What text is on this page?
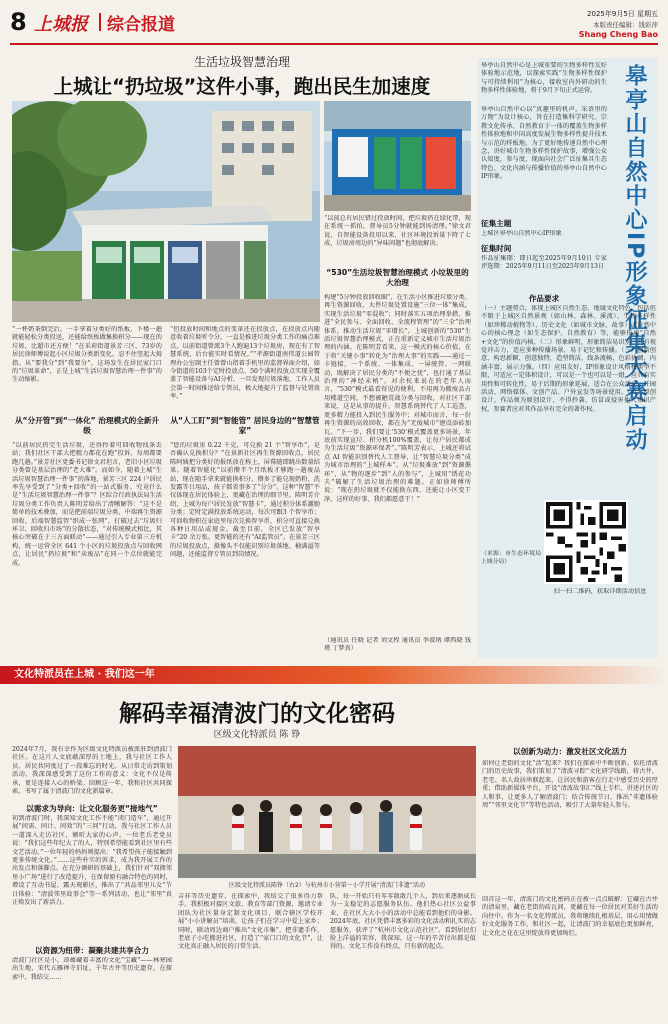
8 上城报 综合报道
2025年9月5日 星期五
本版责任编辑：钱彩萍
Shang Cheng Bao
生活垃圾智慧治理
上城让“扔垃圾”这件小事，跑出民生加速度
“一杯奶茶倒完后，一手拿着分类好的纸板，下楼一趟就能轻松分类投送，还能给纸板做集换积分——现在的垃圾，比超市还方便！”在采荷街道景芳三区，73岁的居民徐师傅说起小区垃圾分类新变化，忍不住竖起大拇指。从“要我分”到“我要分”，这场发生在居民家门口的“垃圾革命”，正是上城“生活垃圾智慧治理一件事”的生动缩影。
从“分开管”到“一体化” 治理模式的全新升级
“以前居民扔完生活垃圾，还得拎着可回收物找条丢站；我们社区干部大把精力都花在跑“投诉，每周都要跑几趟。”景芳社区党委书记徐文君坦言，老旧小区垃圾分类曾是基层治理的“老大难”。而如今，随着上城“生活垃圾智慧治理一件事”的落地，景芳三区 224 户居民率先享受到了“分类+回收”的一站式服务。究竟什么是“生活垃圾智慧治理一件事”？区综合行政执法局生活垃圾分类工作负责人陈明芳给出了清晰解答：“这不是简单的技术叠加，而是把前端垃圾分类、中端再生资源回收、后端智慧监管“织成一张网”，打破过去“垃圾归环卫、回收归市场”的分散状态，“对传统模式相比，其核心突破在于三方面联动”——通过引入专业第三方机构，统一运营全区 641 个小区的垃圾投放点与回收网点，让居民“扔垃圾”和“卖废品”在同一个点位就能完成。
“但投放时间和地点的变革还在投放点，在投放点内随意收着垃圾听令分，一直是推进垃圾分类工作的痛点难点，以前街道曾派3个人跑遍13个垃圾房，现在有了智慧系统，后台能实时看情况。”“孝源街道南伟道公园管理办公室副主任曾曾山指着手机里的监督界面介绍，如今街道的103个定时投放点、50个满时投放点实现全覆盖了智能设备与AI分析，一旦发现垃圾落地、工作人员会第一时间推送给专管员，极大地提升了监督与处置效率。”
从“人工盯”到“智能管” 居民身边的“智慧管家”
“您的垃圾重 0.22 千克，可兑换 21 个“智享币”，是否确认兑换积分？”在景新社区再生资源回收点，居民陈阿姨把分类好的报纸放在称上，屏幕随即跳出数量结果。随着智能化“以前攒半个月纸板才够跑一趟废品站，现在随手拿来就能换积分，攒多了能兑现奶粉、洗发露等日用品，孩子都省事多了“分分”。这种“智慧”不仅体现在居民体验上，更藏在治理的细节里。陈明芳介绍，上城为每户居民发放“智慧卡”，通过积分体系激励分类；定时定满投放系统运动，每次可跟3 个智享币；可回收物积在家庭里每次兑换智享币，积分可直接兑换各种日用品或现金。截至目前，全区已发放“智享卡”20 余万张。更智能的还有“AI监管员”。在景芳三区的垃圾投放点，摄像头不仅能识别垃圾落地、桶满溢等问题，还能监督专管员到岗情况。
“以前总有居民错过投放时间，把垃圾扔在绿化带，现在系统一抓拍，督导员5分钟就能到场清理。”徐文君说，自智能设备投用以来，社区环境投诉量下降了七成，垃圾房周边的“异味问题”也彻底解决。
“530”生活垃圾智慧治理模式 小垃圾里的大治理
构建“5分钟投放回收圈”，在生活小区推进垃圾分类、再生资源回收、大件垃圾处置设施“三位一体”集成，实现生活垃圾“零混收”；同时落实五项治理举措，推进“全民参与、全面回收、全流程管理”的“三全”治理体系，推动生活垃圾“零增长”。上城创新的“530”生活垃圾智慧治理模式，正在重新定义城市生活垃圾治理的内涵。在陈明芳看来，这一模式的核心价值，在于将“关键小事”转化为“治理大事”的实践——通过一卡链接，一个系统、一体集成、一屏统管、一网联动，既解决了居民分类的“不便之忧”，也打通了基层治理的“神经末梢”。对余杭来说在的老年人而言，“530”模式最看得见的便利，不用再为搬废品占用楼道空间，不想被陋荒战分类与回收，对社区干部来说，这是从事的提升，智慧系统替代了人工巡查，更多精力能投入到民生服务中；对城市而言，每一份再生资源的高效回收，都在为“无废城市”建设添砖加瓦。“下一步，我们要让‘530’模式覆盖更多场景，年底前实现宣垃、积分机100%覆盖，让每户居民都成为生活垃圾“资源环保者”。”陈明芳表示，上城还将试点 AI 智能识别替代人工督导，让“智慧垃圾分类”成为城市治理的“上城样本”。从“垃圾难放”到“资源循环”，从“物的逐步”到“人的参与”，上城用“绣花功夫”破解了生活垃圾治理的难题。正如徐师傅所说：“现在扔垃圾就不仅能换东西，还能让小区变干净，这样的好事，我们都愿意干！”
（通讯员 任晓 记者 刘文程 通讯员 李波纳 谭西晓 钱 瑾 丁梦真）
皋亭山自然中心是上城重要的生物多样性友好体验地示范地，以探索实践“生物多样性保护与可持续利用”为核心，接收室内外研动的生物多样性体验地，将于9月下旬正式运营。
皋亭山自然中心以“真趣里的机声，采语里的万物”为设计核心，旨在打造集科学研究、宗教文化传承、自然教育于一体的覆盖生物多样性体验地和中国高度发展生物多样性提升技术与示范的样板地。为了更好地传递自然中心理念，讲好城市生物多样性保护故事，增强公众认知度，参与度，现面向社会广泛征集具生态特色、文化内涵与传播价值的皋亭山自然中心IP形象。	皋亭山自然中心IP形象征集大赛启动
征集主题
上城区皋亭山自然中心IP形象
征集时间
作品征集期：即日起至2025年9月10日 专家评选期：2025年9月11日至2025年9月13日
作品要求
（一）主题契合，体现上城区自然生态、地域文化特色，包括但不限于上城区自然景观（如山林、森林、溪流）、生物多样性（如珍稀动植物等）、历史文化（如城市文脉、故事）或自然中心的核心理念（如生态保护、自然教育）等，能够传递“自然+文化”的价值内核。（二）形象鲜明，形象简洁易识别，具有视觉冲击力，适应多种传播场景，易于记忆和传播。（三）创新创意，构思新颖、创意独特，造型简洁，线条流畅，色彩协调，内涵丰富，展示力强。（四）应用友好，IP形象设计风格和类型不限，可适应一定体积设计，可以是一个也可以是一组，应具有实用性和可转化性，易于后期的形象延展，适合在公众活动、开园活动、网络媒体、文创产品、户外宣发等场景使用。（五）原创设计，作品须为原创设计，不得抄袭、仿冒或侵害他人知识产权，参赛者应对其作品享有完全的著作权。
（来源：市生态环境局上城分局）
扫一扫二维码，获取详细活动信息
文化特派员在上城 · 我们这一年
解码幸福清波门的文化密码
区级文化特派员 陈 铮
区级文化特派员陈铮（右2）与杭州市小营第一小学开展“清波门非遗”活动
2024年7月，我有幸作为区级文化特派员被派驻到清波门社区。在这片人文底蕴深厚的土地上，我与社区工作人员、居民共同度过了一段难忘的时光。从日常走访到策划活动，我深深感受到了这份工作的意义：文化不仅是传承，更是连接人心的桥梁。回顾这一年，我和社区共同探索，书写了属于清波门的文化新篇章。
以需求为导向：让文化服务更“接地气”
初到清波门时，我深知文化工作不能“闭门造车”，通过开展“问需、问计、问效”的“三问”行动，我与社区工作人员一道深入走访社区，倾听大家的心声。一位老兵老党员说：“我们这些年纪大了的人，特别希望能看到社区里有些文艺活动。”一位年轻的妈妈则提出：“我希望孩子能接触到更多传统文化。”……这些朴实的诉求，成为我开展工作的出发点和落脚点。在充分调研的基础上，我们针对“双拥邻里小广场”进行了改造提升，在保留原有融合特色的同时，增设了互动书屋、露天观影区，推出了“共品邻里儿女”节日体验：“清波邻里故事会”等一系列活动，也让“邻里”真正焕发出了新活力。
以资源为纽带：凝聚共建共享合力
清波门社区是小，却蕴藏着丰富的文化“宝藏”——林寒园出生地、宋代五雁禅寺旧址、千年古井等历史遗存，在探索中，我结交……
吉祥等历史遗存，在探索中，我结交了很多得力帮手。我积极对接区文旅、教育等部门资源，邀请专业团队为社区量身定制文化项目，联合辖区学校开展“小小讲解员”培训，让孩子们在学习中爱上家乡；同时，联动周边商户推出“文化市集”，把非遗手作、老底子小吃搬进社区，打造了“家门口的文化节”，让文化真正融入居民的日常生活。
队，每一开始只有零零散散几个人，到后来逐渐成长为一支稳定的志愿服务队伍。他们热心社区公益事业，在社区大大小小的活动中总能看到他们的身影。2024年底，社区凭借丰富多彩的文化活动和扎实的志愿服务，获评了“杭州市文化示范社区”。看到居民们脸上洋溢的笑容，我深知，这一年的辛苦付出都是值得的。文化工作没有终点，只有新的起点。
以创新为动力：激发社区文化活力
如何让老街的文化“活”起来？我们在探索中不断创新。依托清波门的历史故事，我们策划了“清波寻踪”文化研学线路，将古井、老宅、名人故居串联起来，让居民和游客在行走中感受历史的厚重；借助新媒体平台，开设“清波故事汇”线上专栏，讲述社区的人和事，让更多人了解清波门；结合传统节日，推出“非遗体验周”“邻里文化节”等特色活动，吸引了大量年轻人参与。
回首这一年，清波门的文化密码正在被一点点破解：它藏在古井的清泉里，藏在老街的砖瓦间，更藏在每一位居民对美好生活的向往中。作为一名文化特派员，我将继续扎根基层，用心用情做好文化服务工作，和社区一起，让清波门的幸福底色更加鲜亮，让文化之花在这里绽放得更加绚烂。
